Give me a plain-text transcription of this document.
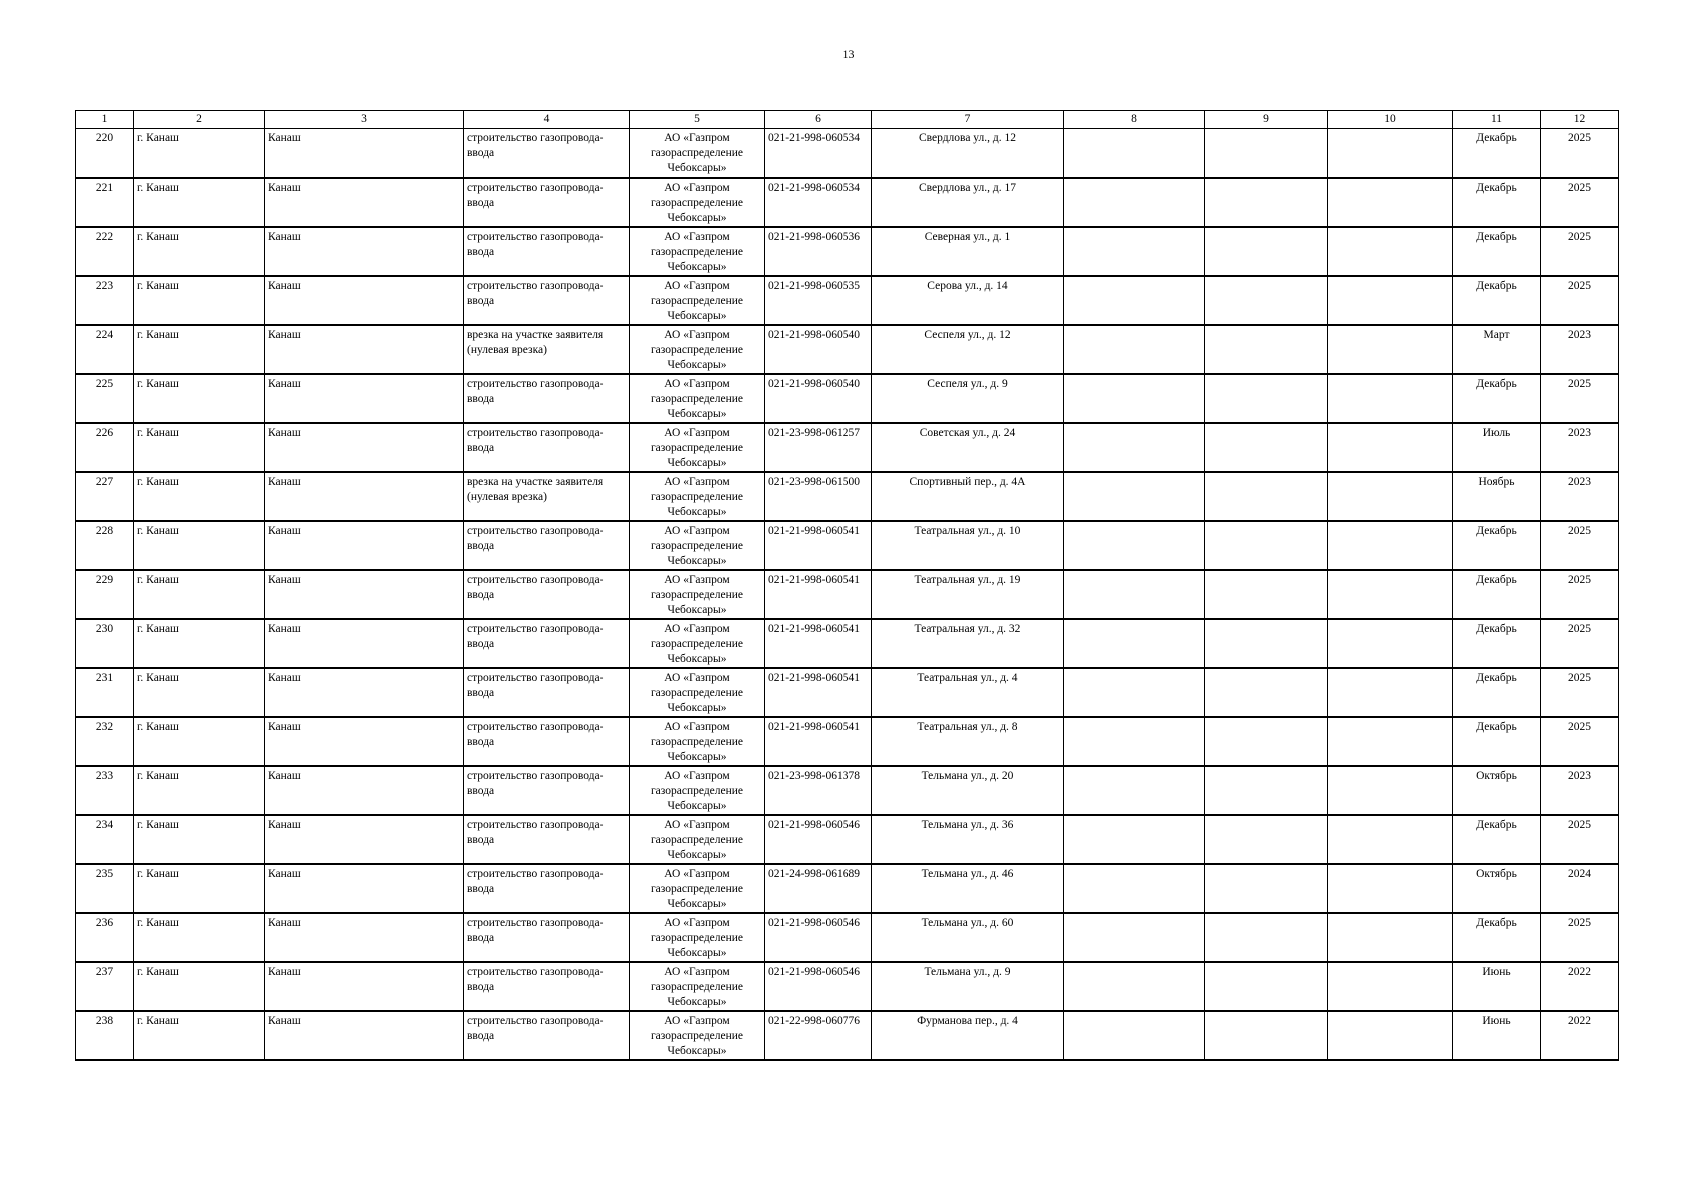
13
1	2	3	4	5	6	7	8	9	10	11	12
220	г. Канаш	Канаш	строительство газопровода-ввода	АО «Газпром газораспределение Чебоксары»	021-21-998-060534	Свердлова ул., д. 12				Декабрь	2025
221	г. Канаш	Канаш	строительство газопровода-ввода	АО «Газпром газораспределение Чебоксары»	021-21-998-060534	Свердлова ул., д. 17				Декабрь	2025
222	г. Канаш	Канаш	строительство газопровода-ввода	АО «Газпром газораспределение Чебоксары»	021-21-998-060536	Северная ул., д. 1				Декабрь	2025
223	г. Канаш	Канаш	строительство газопровода-ввода	АО «Газпром газораспределение Чебоксары»	021-21-998-060535	Серова ул., д. 14				Декабрь	2025
224	г. Канаш	Канаш	врезка на участке заявителя (нулевая врезка)	АО «Газпром газораспределение Чебоксары»	021-21-998-060540	Сеспеля ул., д. 12				Март	2023
225	г. Канаш	Канаш	строительство газопровода-ввода	АО «Газпром газораспределение Чебоксары»	021-21-998-060540	Сеспеля ул., д. 9				Декабрь	2025
226	г. Канаш	Канаш	строительство газопровода-ввода	АО «Газпром газораспределение Чебоксары»	021-23-998-061257	Советская ул., д. 24				Июль	2023
227	г. Канаш	Канаш	врезка на участке заявителя (нулевая врезка)	АО «Газпром газораспределение Чебоксары»	021-23-998-061500	Спортивный пер., д. 4А				Ноябрь	2023
228	г. Канаш	Канаш	строительство газопровода-ввода	АО «Газпром газораспределение Чебоксары»	021-21-998-060541	Театральная ул., д. 10				Декабрь	2025
229	г. Канаш	Канаш	строительство газопровода-ввода	АО «Газпром газораспределение Чебоксары»	021-21-998-060541	Театральная ул., д. 19				Декабрь	2025
230	г. Канаш	Канаш	строительство газопровода-ввода	АО «Газпром газораспределение Чебоксары»	021-21-998-060541	Театральная ул., д. 32				Декабрь	2025
231	г. Канаш	Канаш	строительство газопровода-ввода	АО «Газпром газораспределение Чебоксары»	021-21-998-060541	Театральная ул., д. 4				Декабрь	2025
232	г. Канаш	Канаш	строительство газопровода-ввода	АО «Газпром газораспределение Чебоксары»	021-21-998-060541	Театральная ул., д. 8				Декабрь	2025
233	г. Канаш	Канаш	строительство газопровода-ввода	АО «Газпром газораспределение Чебоксары»	021-23-998-061378	Тельмана ул., д. 20				Октябрь	2023
234	г. Канаш	Канаш	строительство газопровода-ввода	АО «Газпром газораспределение Чебоксары»	021-21-998-060546	Тельмана ул., д. 36				Декабрь	2025
235	г. Канаш	Канаш	строительство газопровода-ввода	АО «Газпром газораспределение Чебоксары»	021-24-998-061689	Тельмана ул., д. 46				Октябрь	2024
236	г. Канаш	Канаш	строительство газопровода-ввода	АО «Газпром газораспределение Чебоксары»	021-21-998-060546	Тельмана ул., д. 60				Декабрь	2025
237	г. Канаш	Канаш	строительство газопровода-ввода	АО «Газпром газораспределение Чебоксары»	021-21-998-060546	Тельмана ул., д. 9				Июнь	2022
238	г. Канаш	Канаш	строительство газопровода-ввода	АО «Газпром газораспределение Чебоксары»	021-22-998-060776	Фурманова пер., д. 4				Июнь	2022
